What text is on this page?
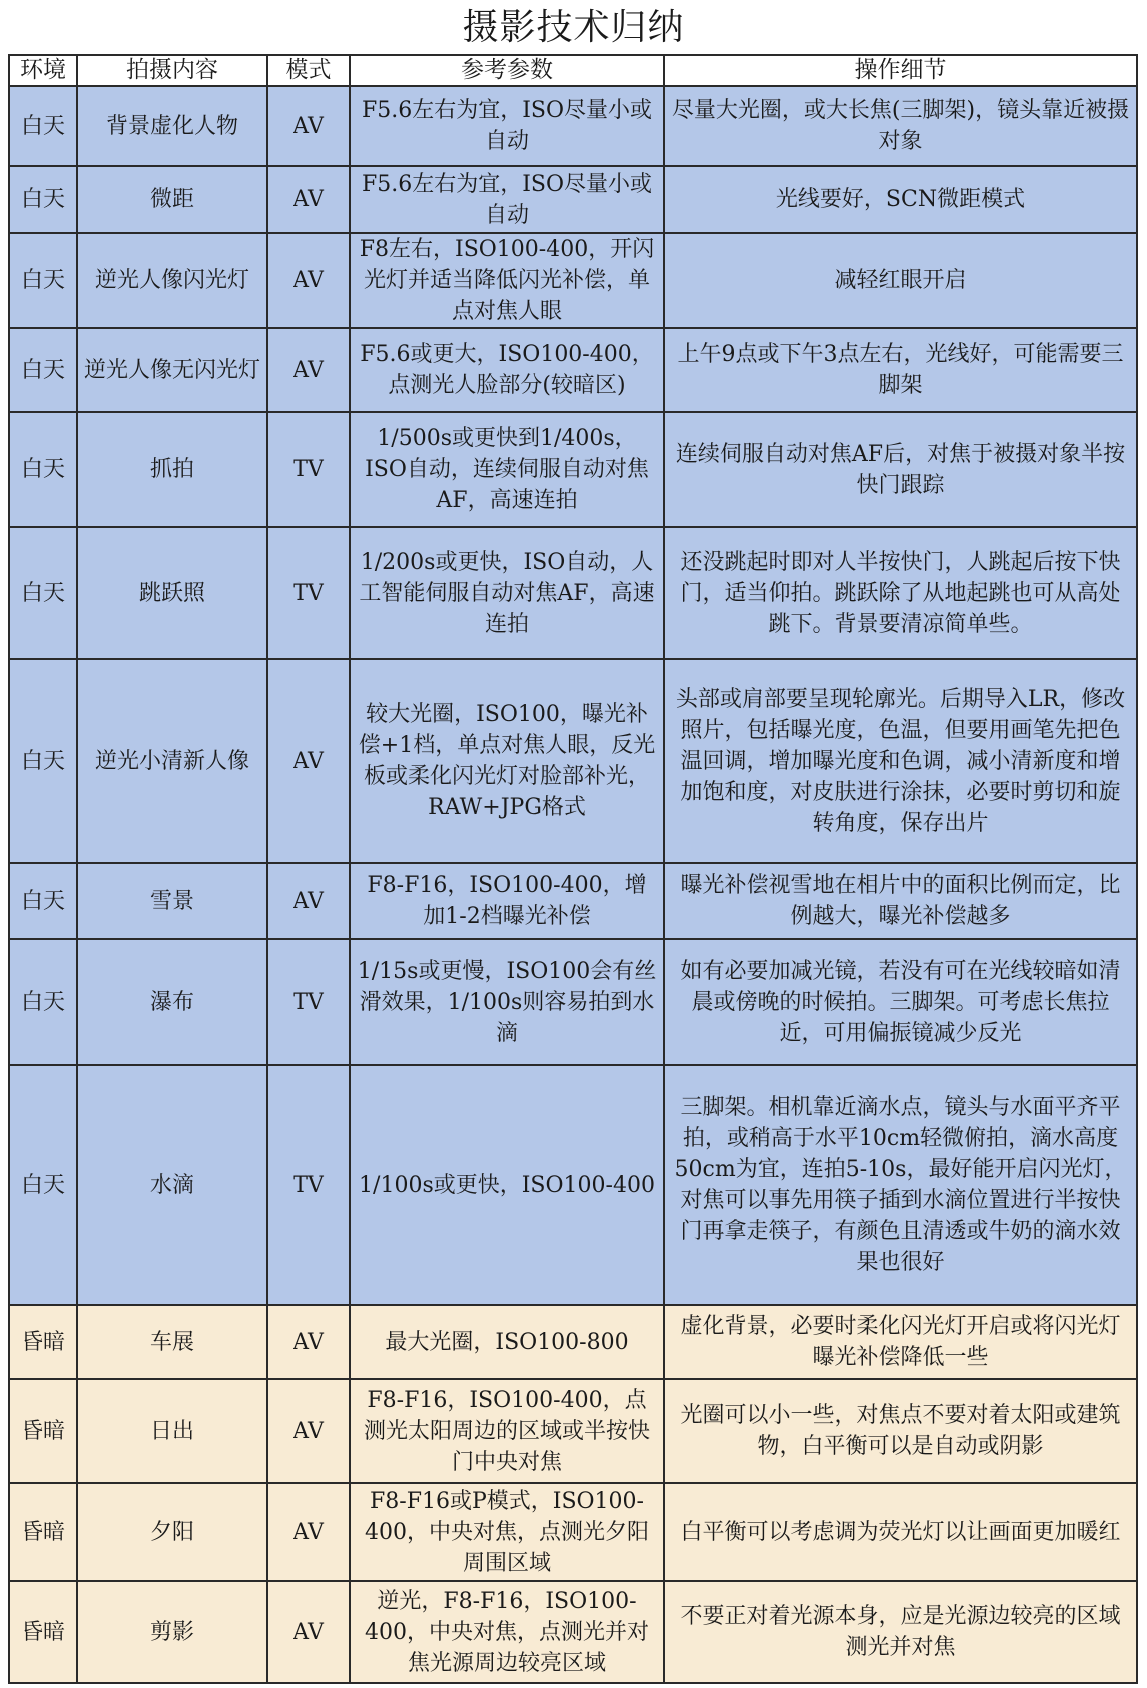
摄影技术归纳
环境	拍摄内容	模式	参考参数	操作细节
白天	背景虚化人物	AV	F5.6左右为宜，ISO尽量小或自动	尽量大光圈，或大长焦(三脚架)，镜头靠近被摄对象
白天	微距	AV	F5.6左右为宜，ISO尽量小或自动	光线要好，SCN微距模式
白天	逆光人像闪光灯	AV	F8左右，ISO100-400，开闪光灯并适当降低闪光补偿，单点对焦人眼	减轻红眼开启
白天	逆光人像无闪光灯	AV	F5.6或更大，ISO100-400，点测光人脸部分(较暗区)	上午9点或下午3点左右，光线好，可能需要三脚架
白天	抓拍	TV	1/500s或更快到1/400s，ISO自动，连续伺服自动对焦AF，高速连拍	连续伺服自动对焦AF后，对焦于被摄对象半按快门跟踪
白天	跳跃照	TV	1/200s或更快，ISO自动，人工智能伺服自动对焦AF，高速连拍	还没跳起时即对人半按快门，人跳起后按下快门，适当仰拍。跳跃除了从地起跳也可从高处跳下。背景要清凉简单些。
白天	逆光小清新人像	AV	较大光圈，ISO100，曝光补偿+1档，单点对焦人眼，反光板或柔化闪光灯对脸部补光，RAW+JPG格式	头部或肩部要呈现轮廓光。后期导入LR，修改照片，包括曝光度，色温，但要用画笔先把色温回调，增加曝光度和色调，减小清新度和增加饱和度，对皮肤进行涂抹，必要时剪切和旋转角度，保存出片
白天	雪景	AV	F8-F16，ISO100-400，增加1-2档曝光补偿	曝光补偿视雪地在相片中的面积比例而定，比例越大，曝光补偿越多
白天	瀑布	TV	1/15s或更慢，ISO100会有丝滑效果，1/100s则容易拍到水滴	如有必要加减光镜，若没有可在光线较暗如清晨或傍晚的时候拍。三脚架。可考虑长焦拉近，可用偏振镜减少反光
白天	水滴	TV	1/100s或更快，ISO100-400	三脚架。相机靠近滴水点，镜头与水面平齐平拍，或稍高于水平10cm轻微俯拍，滴水高度50cm为宜，连拍5-10s，最好能开启闪光灯，对焦可以事先用筷子插到水滴位置进行半按快门再拿走筷子，有颜色且清透或牛奶的滴水效果也很好
昏暗	车展	AV	最大光圈，ISO100-800	虚化背景，必要时柔化闪光灯开启或将闪光灯曝光补偿降低一些
昏暗	日出	AV	F8-F16，ISO100-400，点测光太阳周边的区域或半按快门中央对焦	光圈可以小一些，对焦点不要对着太阳或建筑物，白平衡可以是自动或阴影
昏暗	夕阳	AV	F8-F16或P模式，ISO100-400，中央对焦，点测光夕阳周围区域	白平衡可以考虑调为荧光灯以让画面更加暖红
昏暗	剪影	AV	逆光，F8-F16，ISO100-400，中央对焦，点测光并对焦光源周边较亮区域	不要正对着光源本身，应是光源边较亮的区域测光并对焦
